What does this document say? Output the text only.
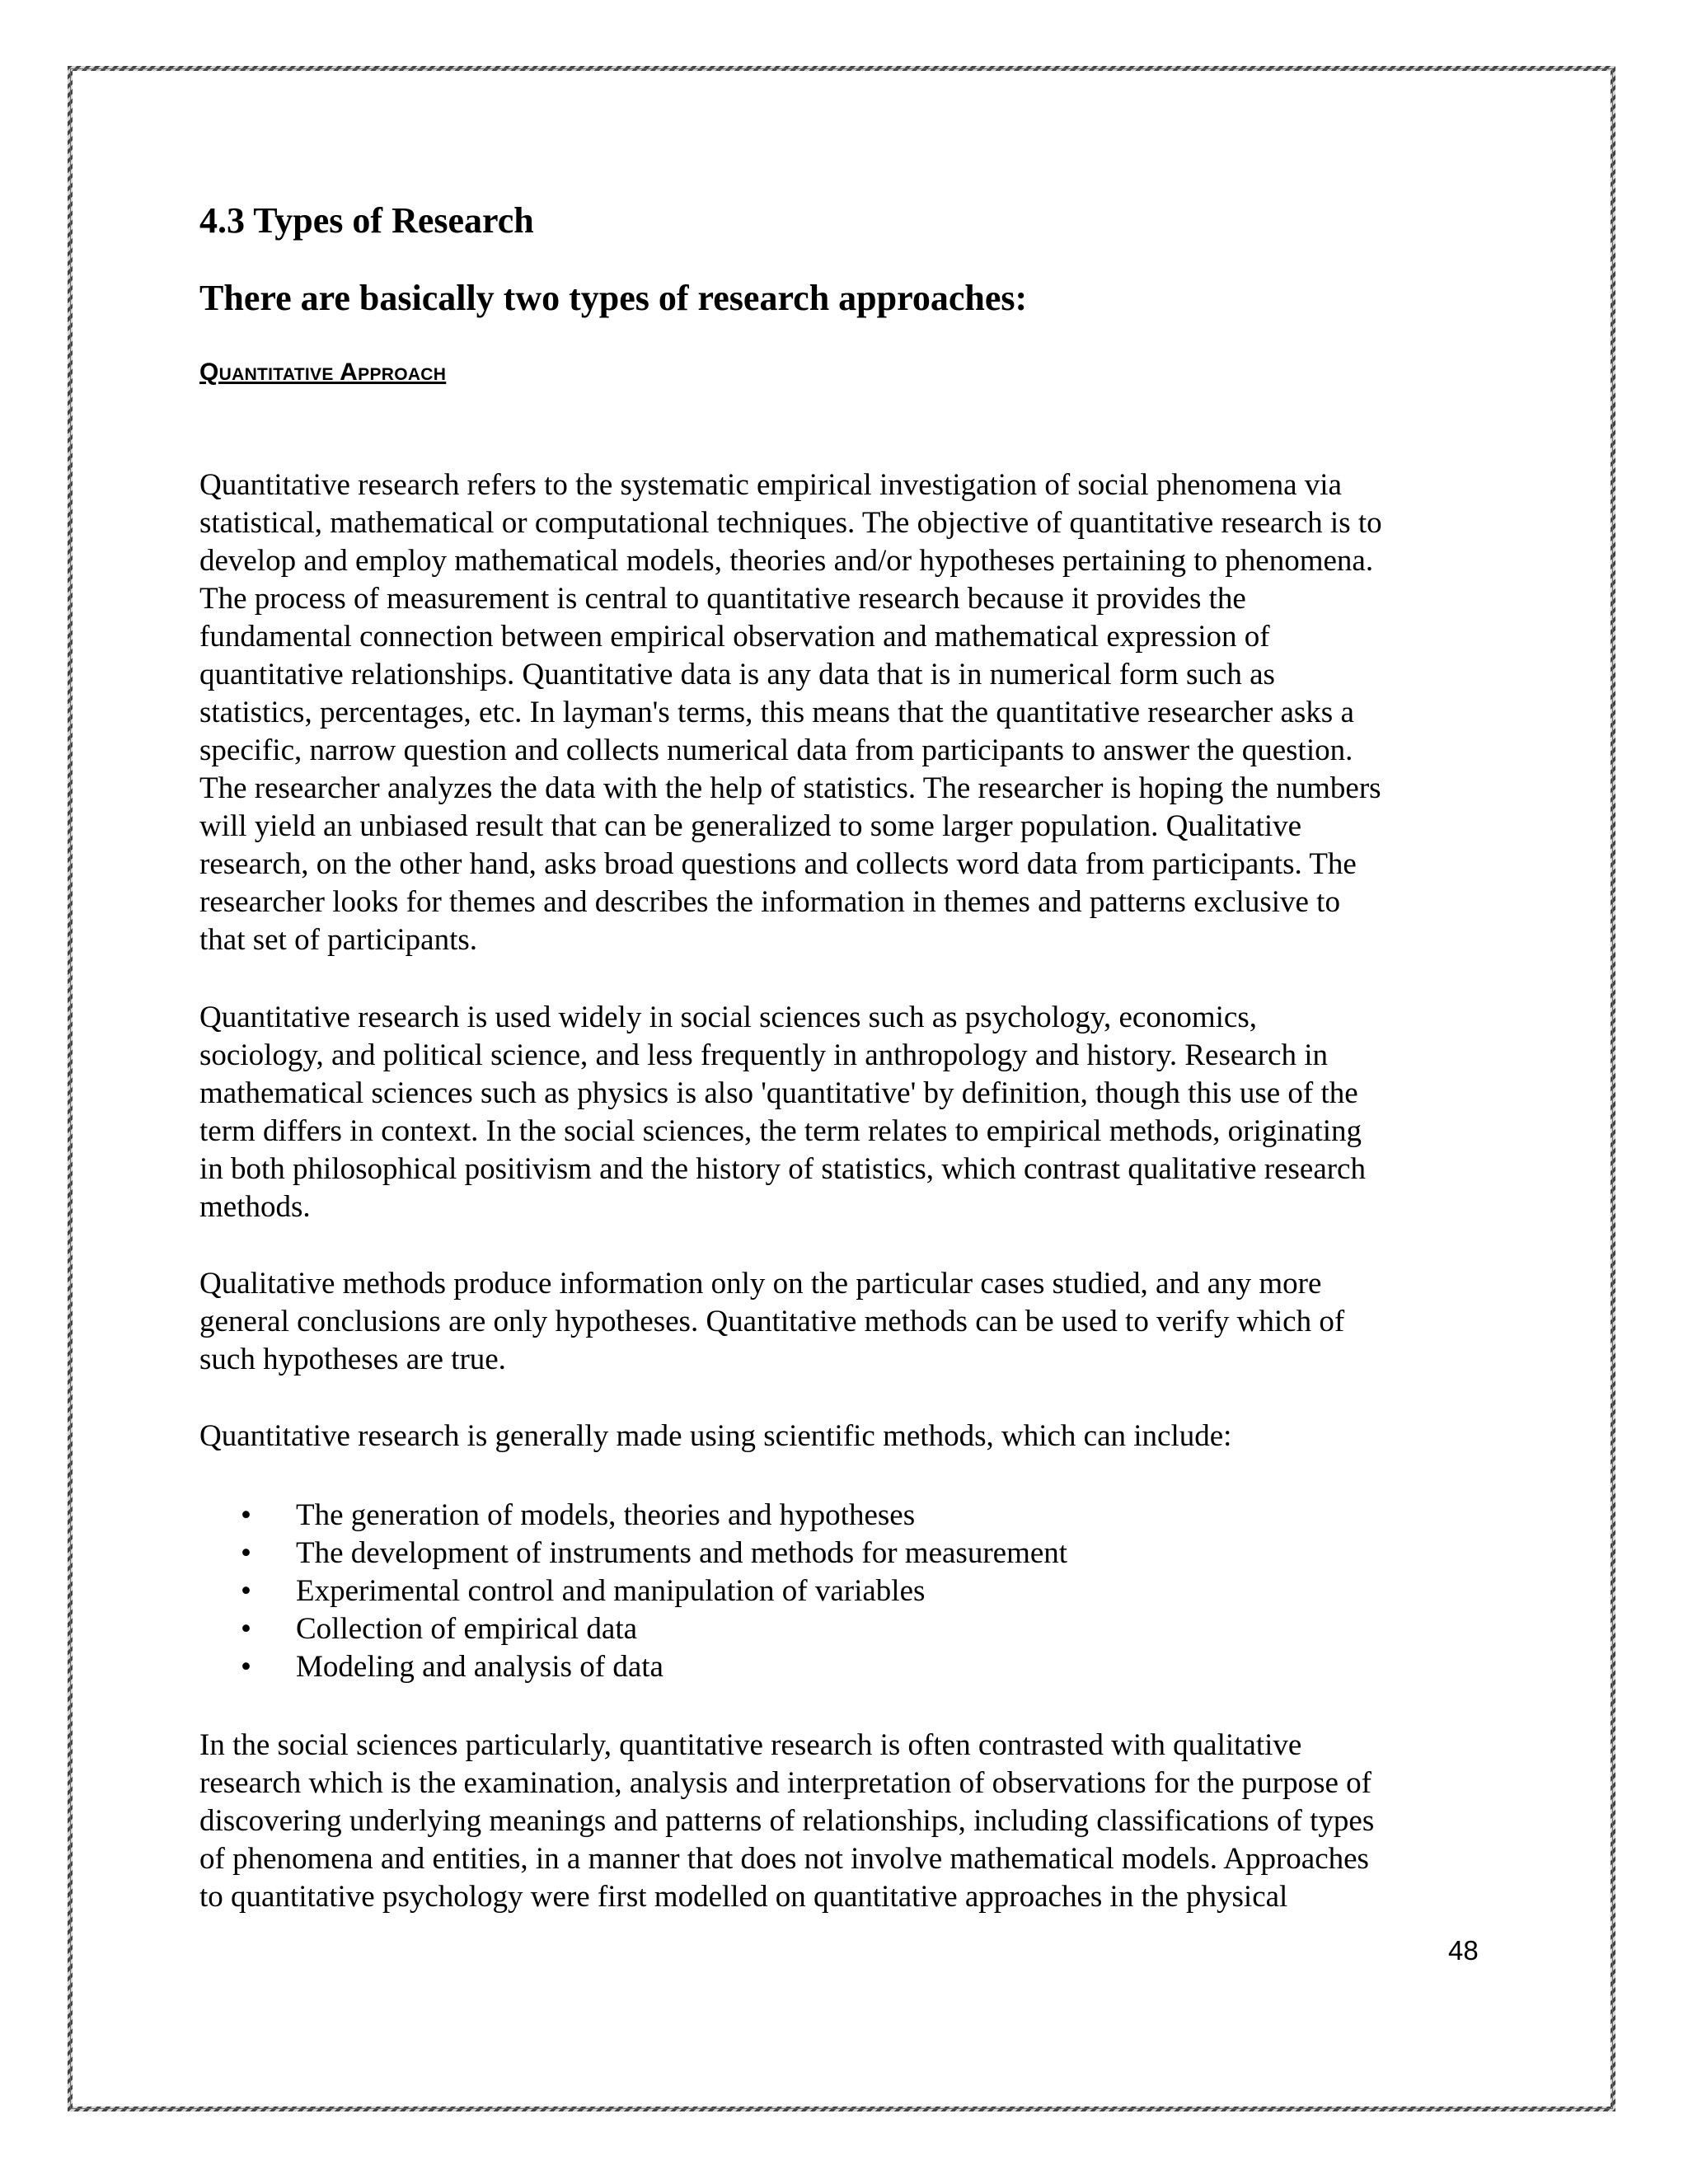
4.3 Types of Research
There are basically two types of research approaches:
Quantitative Approach

Quantitative research refers to the systematic empirical investigation of social phenomena via
statistical, mathematical or computational techniques. The objective of quantitative research is to
develop and employ mathematical models, theories and/or hypotheses pertaining to phenomena.
The process of measurement is central to quantitative research because it provides the
fundamental connection between empirical observation and mathematical expression of
quantitative relationships. Quantitative data is any data that is in numerical form such as
statistics, percentages, etc. In layman's terms, this means that the quantitative researcher asks a
specific, narrow question and collects numerical data from participants to answer the question.
The researcher analyzes the data with the help of statistics. The researcher is hoping the numbers
will yield an unbiased result that can be generalized to some larger population. Qualitative
research, on the other hand, asks broad questions and collects word data from participants. The
researcher looks for themes and describes the information in themes and patterns exclusive to
that set of participants.

Quantitative research is used widely in social sciences such as psychology, economics,
sociology, and political science, and less frequently in anthropology and history. Research in
mathematical sciences such as physics is also 'quantitative' by definition, though this use of the
term differs in context. In the social sciences, the term relates to empirical methods, originating
in both philosophical positivism and the history of statistics, which contrast qualitative research
methods.

Qualitative methods produce information only on the particular cases studied, and any more
general conclusions are only hypotheses. Quantitative methods can be used to verify which of
such hypotheses are true.

Quantitative research is generally made using scientific methods, which can include:

• The generation of models, theories and hypotheses
• The development of instruments and methods for measurement
• Experimental control and manipulation of variables
• Collection of empirical data
• Modeling and analysis of data

In the social sciences particularly, quantitative research is often contrasted with qualitative
research which is the examination, analysis and interpretation of observations for the purpose of
discovering underlying meanings and patterns of relationships, including classifications of types
of phenomena and entities, in a manner that does not involve mathematical models. Approaches
to quantitative psychology were first modelled on quantitative approaches in the physical

48
